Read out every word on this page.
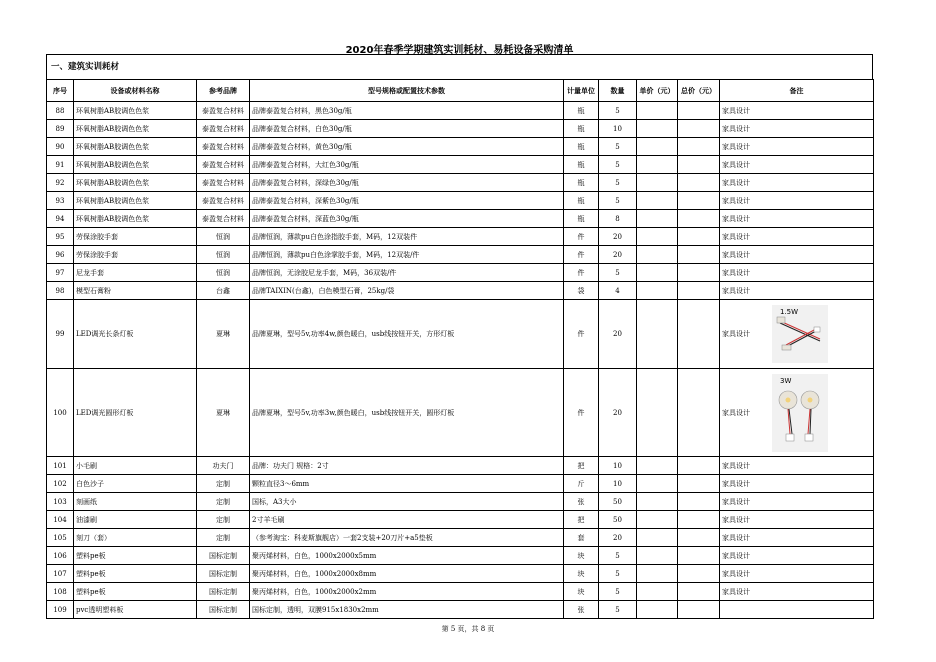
2020年春季学期建筑实训耗材、易耗设备采购清单
一、建筑实训耗材
序号	设备或材料名称	参考品牌	型号规格或配置技术参数	计量单位	数量	单价（元）	总价（元）	备注
88	环氧树脂AB胶调色色浆	泰盈复合材料	品牌泰盈复合材料，黑色30g/瓶	瓶	5			家具设计
89	环氧树脂AB胶调色色浆	泰盈复合材料	品牌泰盈复合材料，白色30g/瓶	瓶	10			家具设计
90	环氧树脂AB胶调色色浆	泰盈复合材料	品牌泰盈复合材料，黄色30g/瓶	瓶	5			家具设计
91	环氧树脂AB胶调色色浆	泰盈复合材料	品牌泰盈复合材料，大红色30g/瓶	瓶	5			家具设计
92	环氧树脂AB胶调色色浆	泰盈复合材料	品牌泰盈复合材料，深绿色30g/瓶	瓶	5			家具设计
93	环氧树脂AB胶调色色浆	泰盈复合材料	品牌泰盈复合材料，深紫色30g/瓶	瓶	5			家具设计
94	环氧树脂AB胶调色色浆	泰盈复合材料	品牌泰盈复合材料，深蓝色30g/瓶	瓶	8			家具设计
95	劳保涂胶手套	恒润	品牌恒润，薄款pu白色涂指胶手套，M码，12双装件	件	20			家具设计
96	劳保涂胶手套	恒润	品牌恒润，薄款pu白色涂掌胶手套，M码，12双装/件	件	20			家具设计
97	尼龙手套	恒润	品牌恒润，无涂胶尼龙手套，M码，36双装/件	件	5			家具设计
98	模型石膏粉	台鑫	品牌TAIXIN(台鑫)，白色模型石膏，25kg/袋	袋	4			家具设计
99	LED调光长条灯板	夏琳	品牌夏琳，型号5v,功率4w,颜色暖白，usb线按钮开关，方形灯板	件	20			家具设计
1.5W

100	LED调光圆形灯板	夏琳	品牌夏琳，型号5v,功率3w,颜色暖白，usb线按钮开关，圆形灯板	件	20			家具设计
3W

101	小毛刷	功夫门	品牌：功夫门 规格：2寸	把	10			家具设计
102	白色沙子	定制	颗粒直径3～6mm	斤	10			家具设计
103	刻画纸	定制	国标，A3大小	张	50			家具设计
104	油漆刷	定制	2寸羊毛刷	把	50			家具设计
105	刻刀（套）	定制	（参考淘宝：科麦斯旗舰店）一套2支装+20刀片+a5垫板	套	20			家具设计
106	塑料pe板	国标定制	聚丙烯材料，白色，1000x2000x5mm	块	5			家具设计
107	塑料pe板	国标定制	聚丙烯材料，白色，1000x2000x8mm	块	5			家具设计
108	塑料pe板	国标定制	聚丙烯材料，白色，1000x2000x2mm	块	5			家具设计
109	pvc透明塑料板	国标定制	国标定制，透明，双膜915x1830x2mm	张	5			
第 5 页，共 8 页
